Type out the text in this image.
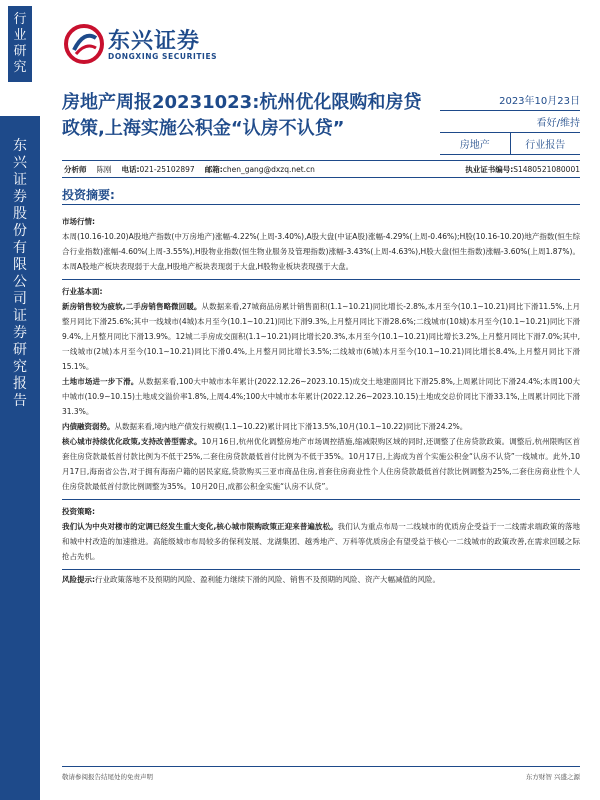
行业研究
东兴证券股份有限公司证券研究报告
东兴证券
DONGXING SECURITIES
房地产周报20231023:杭州优化限购和房贷政策,上海实施公积金“认房不认贷”
2023年10月23日
看好/维持
房地产	行业报告
分析师 陈刚 电话:021-25102897 邮箱:chen_gang@dxzq.net.cn	执业证书编号:S1480521080001
投资摘要:
市场行情:

本周(10.16-10.20)A股地产指数(中万房地产)涨幅-4.22%(上周-3.40%),A股大盘(中证A股)涨幅-4.29%(上周-0.46%);H股(10.16-10.20)地产指数(恒生综合行业指数)涨幅-4.60%(上周-3.55%),H股物业指数(恒生物业服务及管理指数)涨幅-3.43%(上周-4.63%),H股大盘(恒生指数)涨幅-3.60%(上周1.87%)。本周A股地产板块表现弱于大盘,H股地产板块表现弱于大盘,H股物业板块表现强于大盘。

行业基本面:

新房销售较为疲软,二手房销售略微回暖。从数据来看,27城商品房累计销售面积(1.1~10.21)同比增长-2.8%,本月至今(10.1~10.21)同比下滑11.5%,上月整月同比下滑25.6%;其中一线城市(4城)本月至今(10.1~10.21)同比下滑9.3%,上月整月同比下滑28.6%;二线城市(10城)本月至今(10.1~10.21)同比下滑9.4%,上月整月同比下滑13.9%。12城二手房成交面积(1.1~10.21)同比增长20.3%,本月至今(10.1~10.21)同比增长3.2%,上月整月同比下滑7.0%;其中,一线城市(2城)本月至今(10.1~10.21)同比下滑0.4%,上月整月同比增长3.5%;二线城市(6城)本月至今(10.1~10.21)同比增长8.4%,上月整月同比下滑15.1%。

土地市场进一步下滑。从数据来看,100大中城市本年累计(2022.12.26~2023.10.15)成交土地建面同比下滑25.8%,上周累计同比下滑24.4%;本周100大中城市(10.9~10.15)土地成交溢价率1.8%,上周4.4%;100大中城市本年累计(2022.12.26~2023.10.15)土地成交总价同比下滑33.1%,上周累计同比下滑31.3%。

内债融资弱势。从数据来看,境内地产债发行规模(1.1~10.22)累计同比下滑13.5%,10月(10.1~10.22)同比下滑24.2%。

核心城市持续优化政策,支持改善型需求。10月16日,杭州优化调整房地产市场调控措施,缩减限购区域的同时,还调整了住房贷款政策。调整后,杭州限购区首套住房贷款最低首付款比例为不低于25%,二套住房贷款最低首付比例为不低于35%。10月17日,上海成为首个实施公积金“认房不认贷”一线城市。此外,10月17日,海南省公告,对于拥有海南户籍的居民家庭,贷款购买三亚市商品住房,首套住房商业性个人住房贷款最低首付款比例调整为25%,二套住房商业性个人住房贷款最低首付款比例调整为35%。10月20日,成都公积金实施“认房不认贷”。

投资策略:

我们认为中央对楼市的定调已经发生重大变化,核心城市限购政策正迎来普遍放松。我们认为重点布局一二线城市的优质房企受益于一二线需求端政策的落地和城中村改造的加速推进。高能级城市布局较多的保利发展、龙湖集团、越秀地产、万科等优质房企有望受益于核心一二线城市的政策改善,在需求回暖之际抢占先机。

风险提示:行业政策落地不及预期的风险、盈利能力继续下滑的风险、销售不及预期的风险、资产大幅减值的风险。

敬请参阅报告结尾处的免责声明	东方财智 兴盛之源
